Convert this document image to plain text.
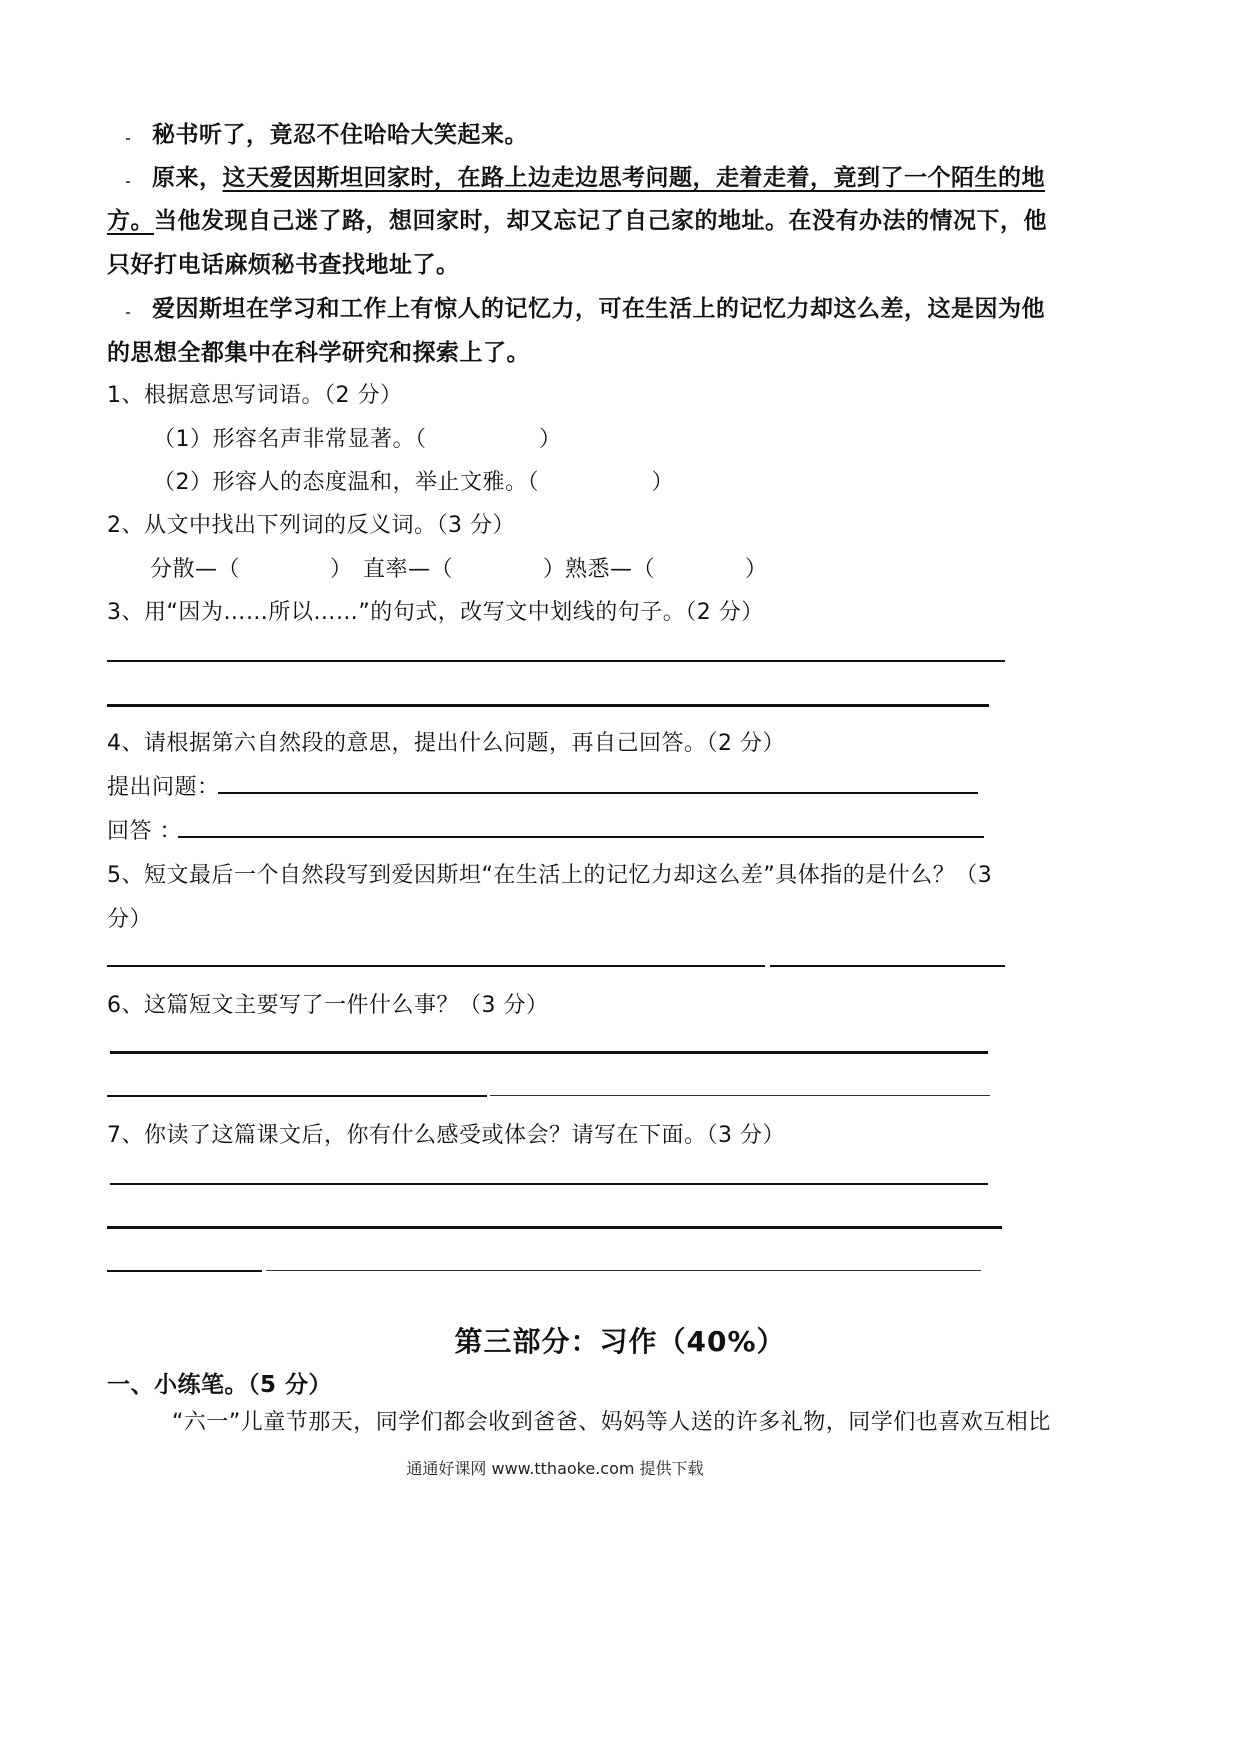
秘书听了，竟忍不住哈哈大笑起来。
原来，这天爱因斯坦回家时，在路上边走边思考问题，走着走着，竟到了一个陌生的地
方。当他发现自己迷了路，想回家时，却又忘记了自己家的地址。在没有办法的情况下，他
只好打电话麻烦秘书查找地址了。
爱因斯坦在学习和工作上有惊人的记忆力，可在生活上的记忆力却这么差，这是因为他
的思想全都集中在科学研究和探索上了。
1、根据意思写词语。（2 分）
（1）形容名声非常显著。（　　　　　）
（2）形容人的态度温和，举止文雅。（　　　　　）
2、从文中找出下列词的反义词。（3 分）
分散—（　　　　） 直率—（　　　　） 熟悉—（　　　　）
3、用“因为……所以……”的句式，改写文中划线的句子。（2 分）
4、请根据第六自然段的意思，提出什么问题，再自己回答。（2 分）
提出问题：
回答 ：
5、短文最后一个自然段写到爱因斯坦“在生活上的记忆力却这么差”具体指的是什么？（3
分）
6、这篇短文主要写了一件什么事？（3 分）
7、你读了这篇课文后，你有什么感受或体会？请写在下面。（3 分）
第三部分：习作（40%）
一、小练笔。（5 分）
“六一”儿童节那天，同学们都会收到爸爸、妈妈等人送的许多礼物，同学们也喜欢互相比
通通好课网 www.tthaoke.com 提供下载
